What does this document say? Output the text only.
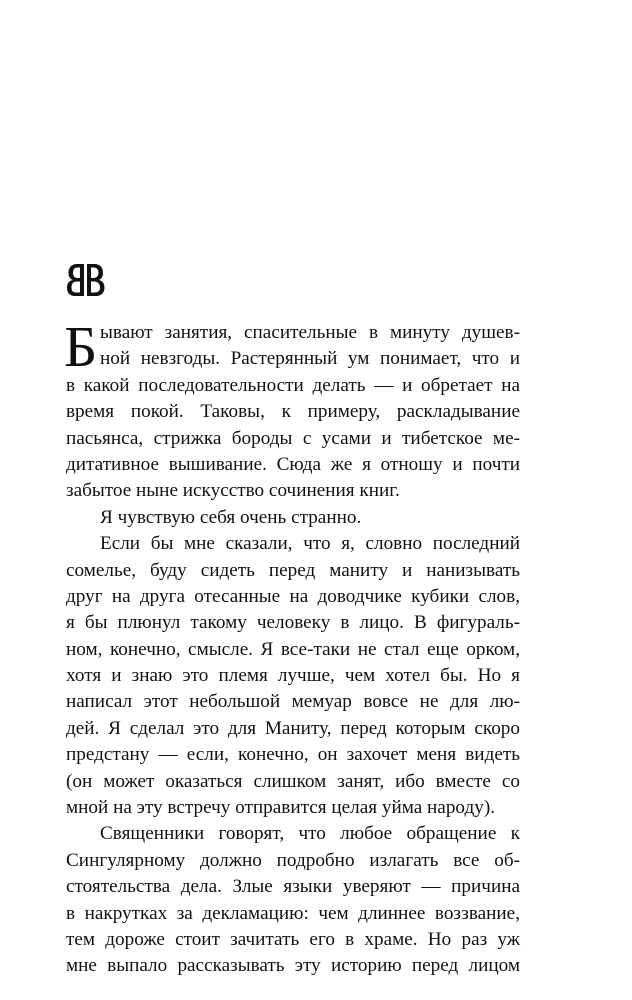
Б ывают занятия, спасительные в минуту душев-
ной невзгоды. Растерянный ум понимает, что и
в какой последовательности делать — и обретает на
время покой. Таковы, к примеру, раскладывание
пасьянса, стрижка бороды с усами и тибетское ме-
дитативное вышивание. Сюда же я отношу и почти
забытое ныне искусство сочинения книг.
Я чувствую себя очень странно.
Если бы мне сказали, что я, словно последний
сомелье, буду сидеть перед маниту и нанизывать
друг на друга отесанные на доводчике кубики слов,
я бы плюнул такому человеку в лицо. В фигураль-
ном, конечно, смысле. Я все-таки не стал еще орком,
хотя и знаю это племя лучше, чем хотел бы. Но я
написал этот небольшой мемуар вовсе не для лю-
дей. Я сделал это для Маниту, перед которым скоро
предстану — если, конечно, он захочет меня видеть
(он может оказаться слишком занят, ибо вместе со
мной на эту встречу отправится целая уйма народу).
Священники говорят, что любое обращение к
Сингулярному должно подробно излагать все об-
стоятельства дела. Злые языки уверяют — причина
в накрутках за декламацию: чем длиннее воззвание,
тем дороже стоит зачитать его в храме. Но раз уж
мне выпало рассказывать эту историю перед лицом
